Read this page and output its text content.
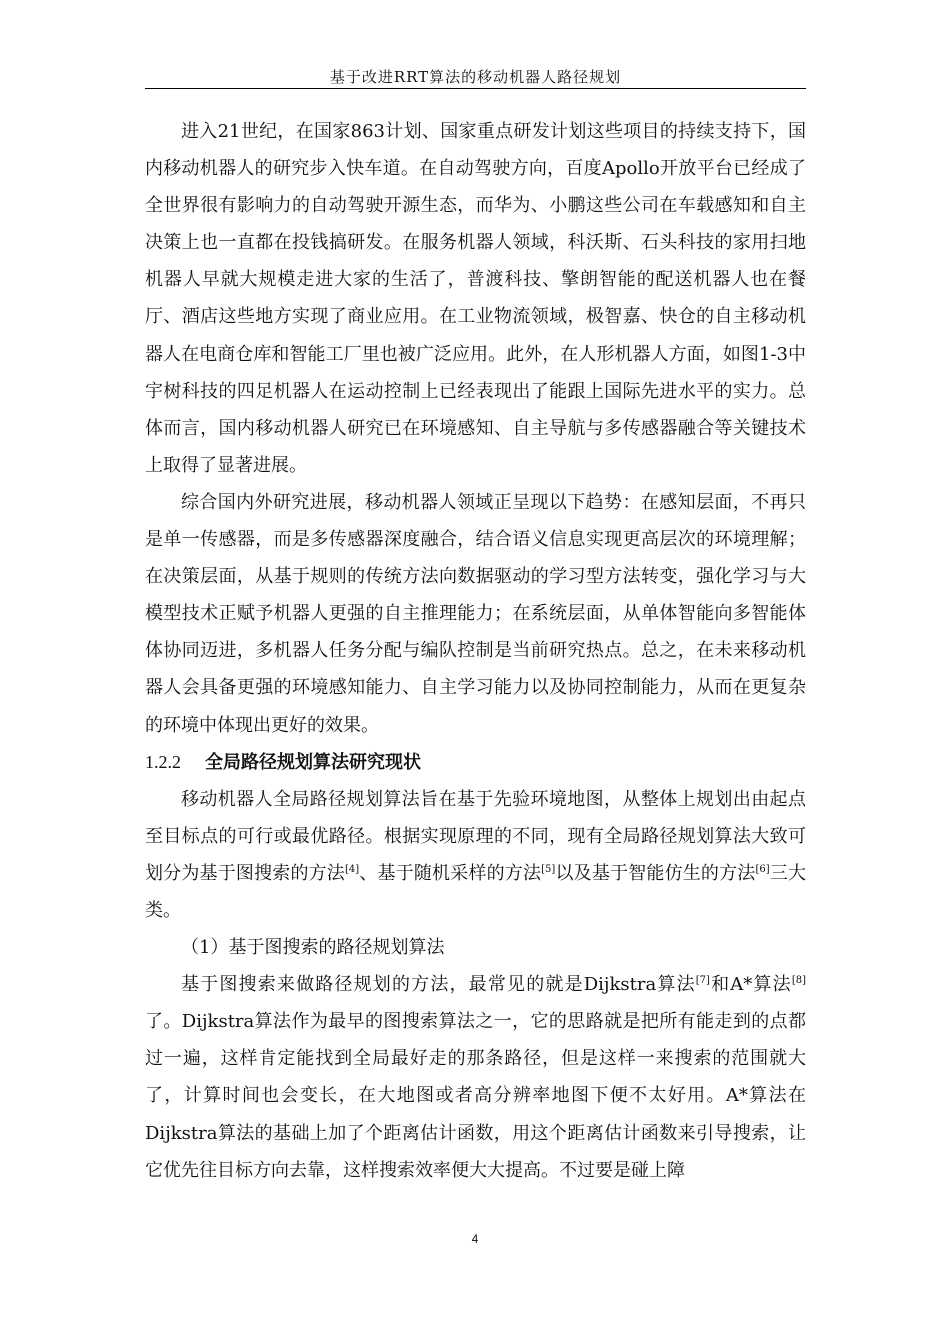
基于改进RRT算法的移动机器人路径规划

进入21世纪，在国家863计划、国家重点研发计划这些项目的持续支持下，国内移动机器人的研究步入快车道。在自动驾驶方向，百度Apollo开放平台已经成了全世界很有影响力的自动驾驶开源生态，而华为、小鹏这些公司在车载感知和自主决策上也一直都在投钱搞研发。在服务机器人领域，科沃斯、石头科技的家用扫地机器人早就大规模走进大家的生活了，普渡科技、擎朗智能的配送机器人也在餐厅、酒店这些地方实现了商业应用。在工业物流领域，极智嘉、快仓的自主移动机器人在电商仓库和智能工厂里也被广泛应用。此外，在人形机器人方面，如图1-3中宇树科技的四足机器人在运动控制上已经表现出了能跟上国际先进水平的实力。总体而言，国内移动机器人研究已在环境感知、自主导航与多传感器融合等关键技术上取得了显著进展。

综合国内外研究进展，移动机器人领域正呈现以下趋势：在感知层面，不再只是单一传感器，而是多传感器深度融合，结合语义信息实现更高层次的环境理解；在决策层面，从基于规则的传统方法向数据驱动的学习型方法转变，强化学习与大模型技术正赋予机器人更强的自主推理能力；在系统层面，从单体智能向多智能体体协同迈进，多机器人任务分配与编队控制是当前研究热点。总之，在未来移动机器人会具备更强的环境感知能力、自主学习能力以及协同控制能力，从而在更复杂的环境中体现出更好的效果。

1.2.2 全局路径规划算法研究现状

移动机器人全局路径规划算法旨在基于先验环境地图，从整体上规划出由起点至目标点的可行或最优路径。根据实现原理的不同，现有全局路径规划算法大致可划分为基于图搜索的方法[4]、基于随机采样的方法[5]以及基于智能仿生的方法[6]三大类。

（1）基于图搜索的路径规划算法

基于图搜索来做路径规划的方法，最常见的就是Dijkstra算法[7]和A*算法[8]了。Dijkstra算法作为最早的图搜索算法之一，它的思路就是把所有能走到的点都过一遍，这样肯定能找到全局最好走的那条路径，但是这样一来搜索的范围就大了，计算时间也会变长，在大地图或者高分辨率地图下便不太好用。A*算法在Dijkstra算法的基础上加了个距离估计函数，用这个距离估计函数来引导搜索，让它优先往目标方向去靠，这样搜索效率便大大提高。不过要是碰上障

4
